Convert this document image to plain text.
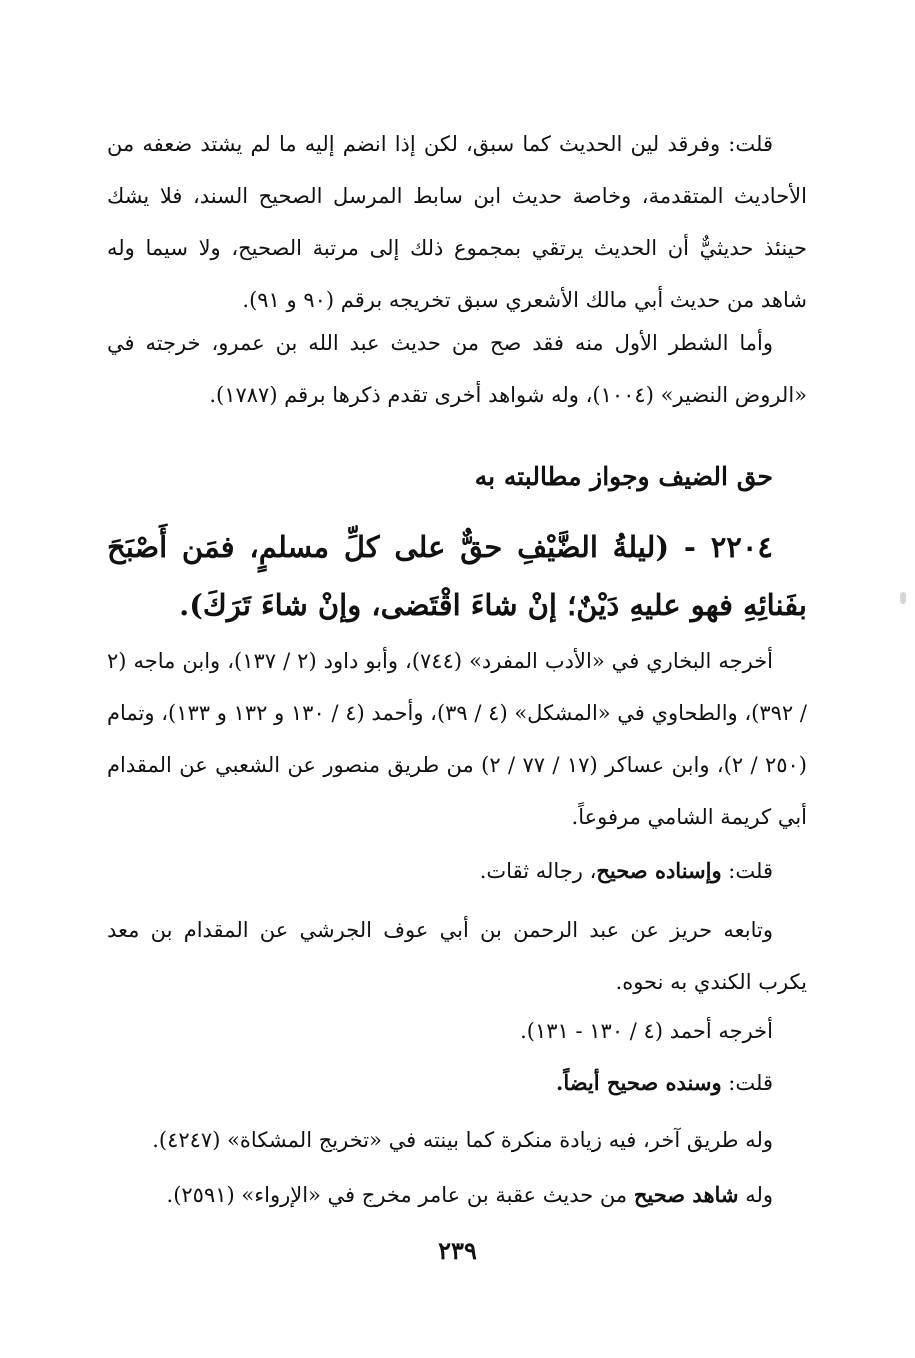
قلت: وفرقد لين الحديث كما سبق، لكن إذا انضم إليه ما لم يشتد ضعفه من الأحاديث المتقدمة، وخاصة حديث ابن سابط المرسل الصحيح السند، فلا يشك حينئذ حديثيٌّ أن الحديث يرتقي بمجموع ذلك إلى مرتبة الصحيح، ولا سيما وله شاهد من حديث أبي مالك الأشعري سبق تخريجه برقم (٩٠ و ٩١).

وأما الشطر الأول منه فقد صح من حديث عبد الله بن عمرو، خرجته في «الروض النضير» (١٠٠٤)، وله شواهد أخرى تقدم ذكرها برقم (١٧٨٧).

حق الضيف وجواز مطالبته به

٢٢٠٤ - (ليلةُ الضَّيْفِ حقٌّ على كلِّ مسلمٍ، فمَن أَصْبَحَ بفَنائِهِ فهو عليهِ دَيْنٌ؛ إنْ شاءَ اقْتَضى، وإنْ شاءَ تَرَكَ).

أخرجه البخاري في «الأدب المفرد» (٧٤٤)، وأبو داود (٢ / ١٣٧)، وابن ماجه (٢ / ٣٩٢)، والطحاوي في «المشكل» (٤ / ٣٩)، وأحمد (٤ / ١٣٠ و ١٣٢ و ١٣٣)، وتمام (٢٥٠ / ٢)، وابن عساكر (١٧ / ٧٧ / ٢) من طريق منصور عن الشعبي عن المقدام أبي كريمة الشامي مرفوعاً.

قلت: وإسناده صحيح، رجاله ثقات.

وتابعه حريز عن عبد الرحمن بن أبي عوف الجرشي عن المقدام بن معد يكرب الكندي به نحوه.

أخرجه أحمد (٤ / ١٣٠ - ١٣١).

قلت: وسنده صحيح أيضاً.

وله طريق آخر، فيه زيادة منكرة كما بينته في «تخريج المشكاة» (٤٢٤٧).

وله شاهد صحيح من حديث عقبة بن عامر مخرج في «الإرواء» (٢٥٩١).

٢٣٩
